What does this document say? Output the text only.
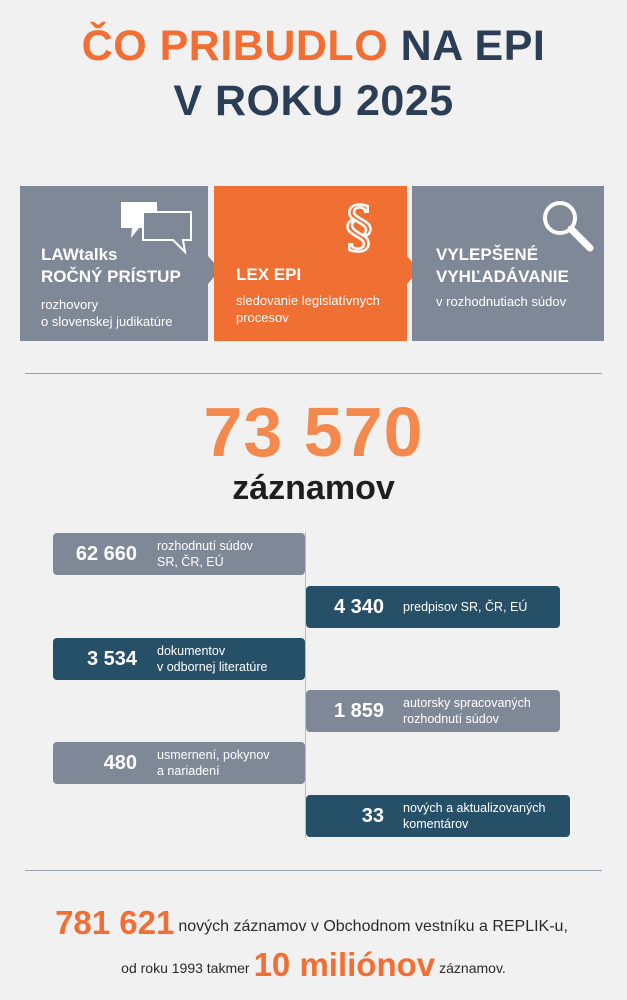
ČO PRIBUDLO NA EPI
V ROKU 2025
LAWtalks
ROČNÝ PRÍSTUP
rozhovory
o slovenskej judikatúre
§
LEX EPI
sledovanie legislatívnych
procesov
VYLEPŠENÉ
VYHĽADÁVANIE
v rozhodnutiach súdov
73 570
záznamov
62 660 rozhodnutí súdov
SR, ČR, EÚ
4 340 predpisov SR, ČR, EÚ
3 534 dokumentov
v odbornej literatúre
1 859 autorsky spracovaných
rozhodnutí súdov
480 usmernení, pokynov
a nariadení
33 nových a aktualizovaných
komentárov
781 621 nových záznamov v Obchodnom vestníku a REPLIK-u,
od roku 1993 takmer 10 miliónov záznamov.
